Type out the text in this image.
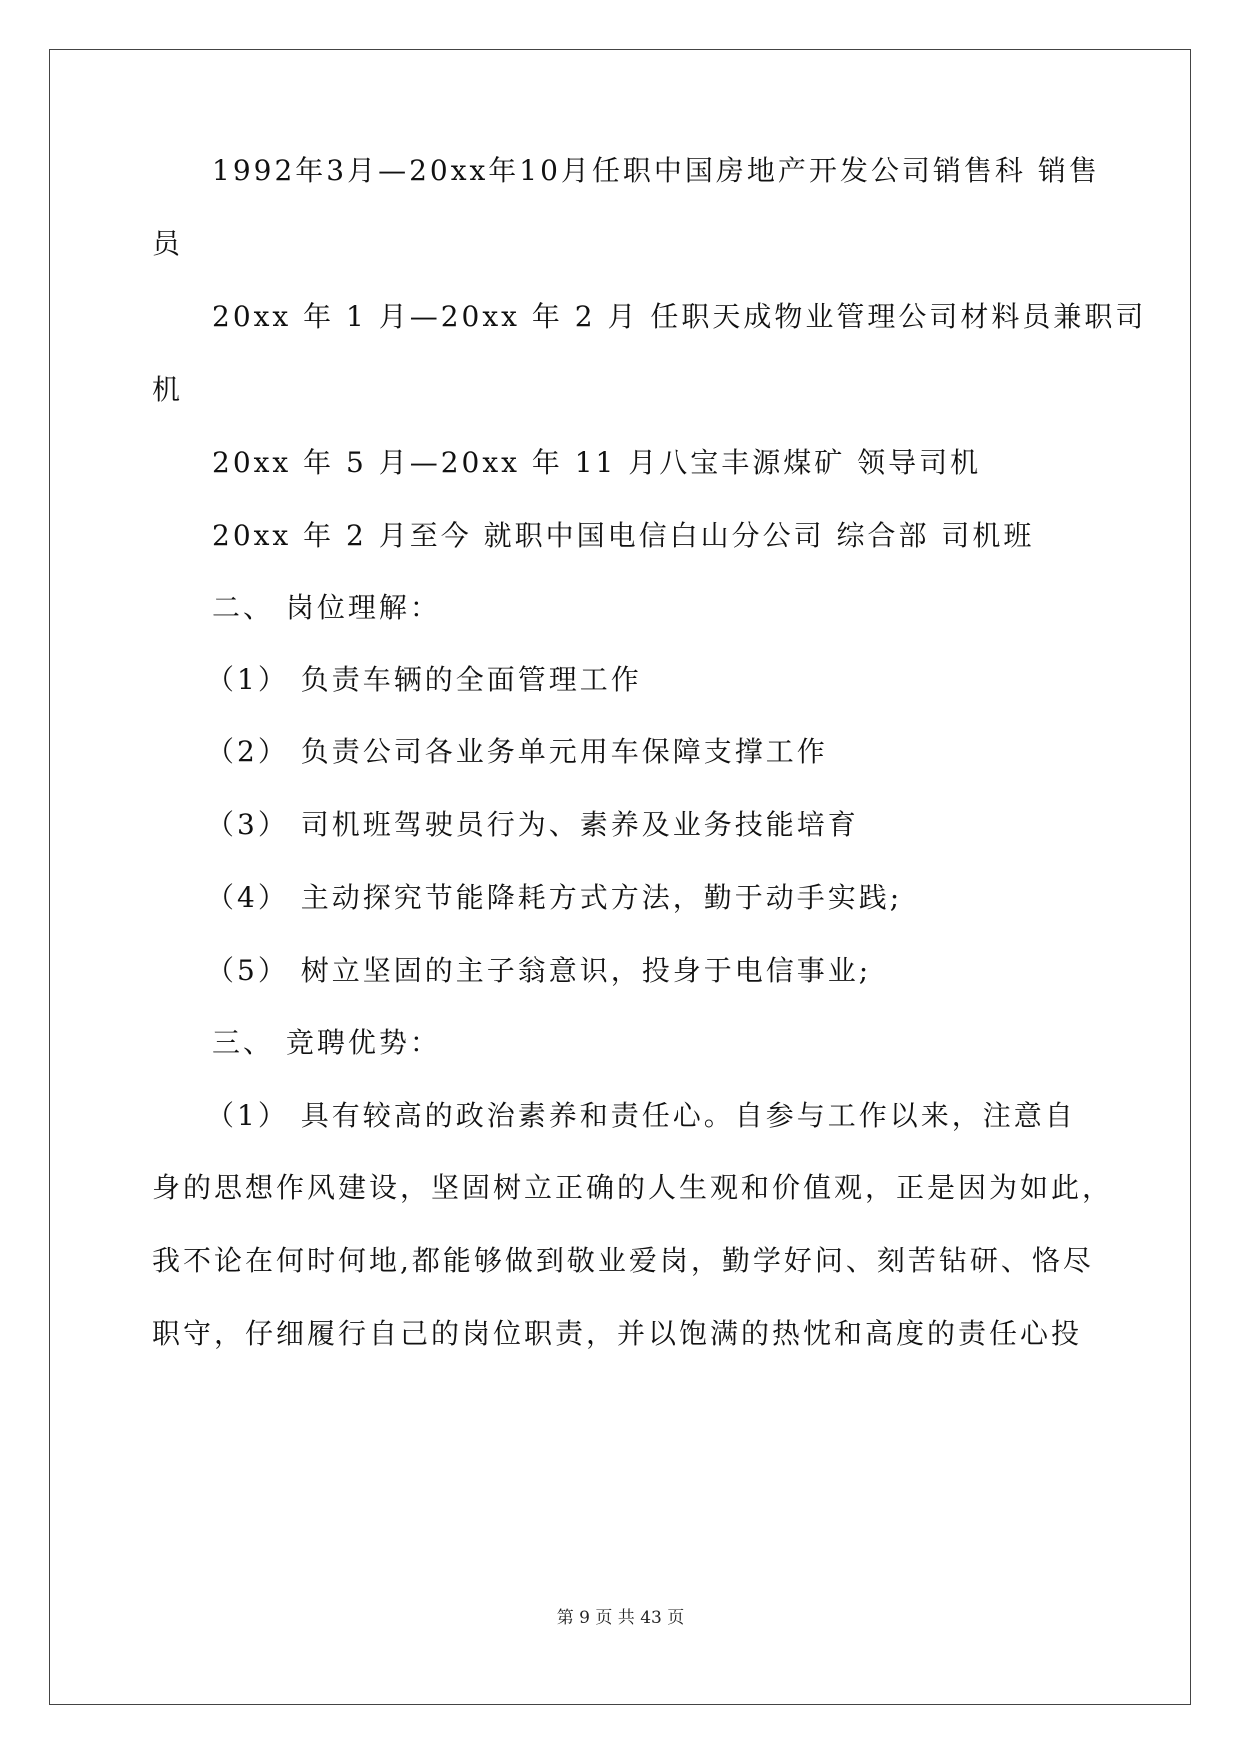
1992年3月—20xx年10月任职中国房地产开发公司销售科 销售
员
20xx 年 1 月—20xx 年 2 月 任职天成物业管理公司材料员兼职司
机
20xx 年 5 月—20xx 年 11 月八宝丰源煤矿 领导司机
20xx 年 2 月至今 就职中国电信白山分公司 综合部 司机班
二、 岗位理解：
（1） 负责车辆的全面管理工作
（2） 负责公司各业务单元用车保障支撑工作
（3） 司机班驾驶员行为、素养及业务技能培育
（4） 主动探究节能降耗方式方法，勤于动手实践;
（5） 树立坚固的主子翁意识，投身于电信事业;
三、 竞聘优势：
（1） 具有较高的政治素养和责任心。自参与工作以来，注意自
身的思想作风建设，坚固树立正确的人生观和价值观，正是因为如此，
我不论在何时何地,都能够做到敬业爱岗，勤学好问、刻苦钻研、恪尽
职守，仔细履行自己的岗位职责，并以饱满的热忱和高度的责任心投
第 9 页 共 43 页
